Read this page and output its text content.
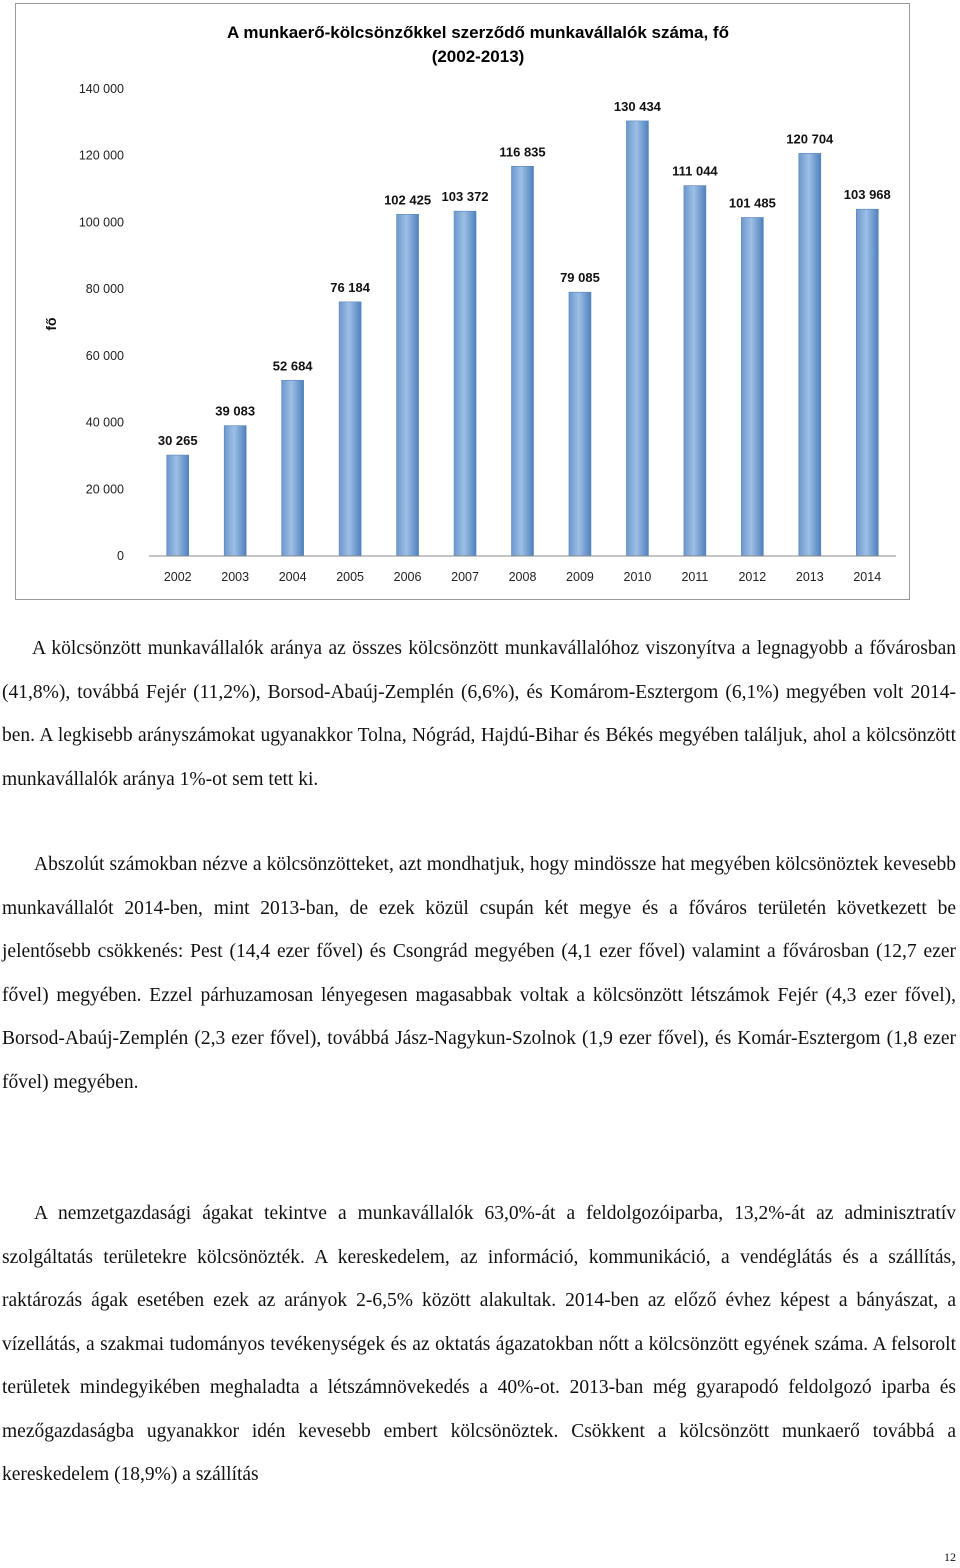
A munkaerő-kölcsönzőkkel szerződő munkavállalók száma, fő
(2002-2013)
fő
0
20 000
40 000
60 000
80 000
100 000
120 000
140 000
2002 2003 2004 2005 2006 2007 2008 2009 2010 2011 2012 2013 2014
30 265
39 083
52 684
76 184
102 425 103 372
116 835
79 085
130 434
111 044
101 485
120 704
103 968

A kölcsönzött munkavállalók aránya az összes kölcsönzött munkavállalóhoz viszonyítva a legnagyobb a fővárosban (41,8%), továbbá Fejér (11,2%), Borsod-Abaúj-Zemplén (6,6%), és Komárom-Esztergom (6,1%) megyében volt 2014-ben. A legkisebb arányszámokat ugyanakkor Tolna, Nógrád, Hajdú-Bihar és Békés megyében találjuk, ahol a kölcsönzött munkavállalók aránya 1%-ot sem tett ki.

Abszolút számokban nézve a kölcsönzötteket, azt mondhatjuk, hogy mindössze hat megyében kölcsönöztek kevesebb munkavállalót 2014-ben, mint 2013-ban, de ezek közül csupán két megye és a főváros területén következett be jelentősebb csökkenés: Pest (14,4 ezer fővel) és Csongrád megyében (4,1 ezer fővel) valamint a fővárosban (12,7 ezer fővel) megyében. Ezzel párhuzamosan lényegesen magasabbak voltak a kölcsönzött létszámok Fejér (4,3 ezer fővel), Borsod-Abaúj-Zemplén (2,3 ezer fővel), továbbá Jász-Nagykun-Szolnok (1,9 ezer fővel), és Komár-Esztergom (1,8 ezer fővel) megyében.

A nemzetgazdasági ágakat tekintve a munkavállalók 63,0%-át a feldolgozóiparba, 13,2%-át az adminisztratív szolgáltatás területekre kölcsönözték. A kereskedelem, az információ, kommunikáció, a vendéglátás és a szállítás, raktározás ágak esetében ezek az arányok 2-6,5% között alakultak. 2014-ben az előző évhez képest a bányászat, a vízellátás, a szakmai tudományos tevékenységek és az oktatás ágazatokban nőtt a kölcsönzött egyének száma. A felsorolt területek mindegyikében meghaladta a létszámnövekedés a 40%-ot. 2013-ban még gyarapodó feldolgozó iparba és mezőgazdaságba ugyanakkor idén kevesebb embert kölcsönöztek. Csökkent a kölcsönzött munkaerő továbbá a kereskedelem (18,9%) a szállítás

12
